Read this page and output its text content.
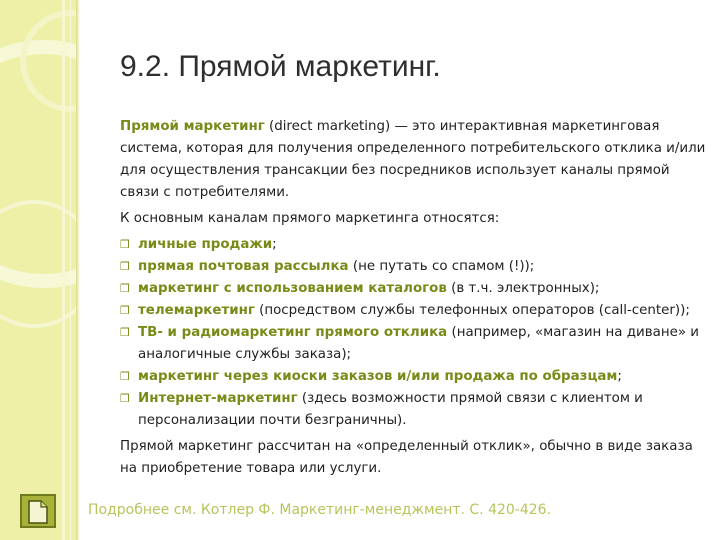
9.2. Прямой маркетинг.

Прямой маркетинг (direct marketing) — это интерактивная маркетинговая система, которая для получения определенного потребительского отклика и/или для осуществления трансакции без посредников использует каналы прямой связи с потребителями.

К основным каналам прямого маркетинга относятся:

❒ личные продажи;
❒ прямая почтовая рассылка (не путать со спамом (!));
❒ маркетинг с использованием каталогов (в т.ч. электронных);
❒ телемаркетинг (посредством службы телефонных операторов (call-center));
❒ ТВ- и радиомаркетинг прямого отклика (например, «магазин на диване» и аналогичные службы заказа);
❒ маркетинг через киоски заказов и/или продажа по образцам;
❒ Интернет-маркетинг (здесь возможности прямой связи с клиентом и персонализации почти безграничны).

Прямой маркетинг рассчитан на «определенный отклик», обычно в виде заказа на приобретение товара или услуги.

Подробнее см. Котлер Ф. Маркетинг-менеджмент. С. 420-426.
